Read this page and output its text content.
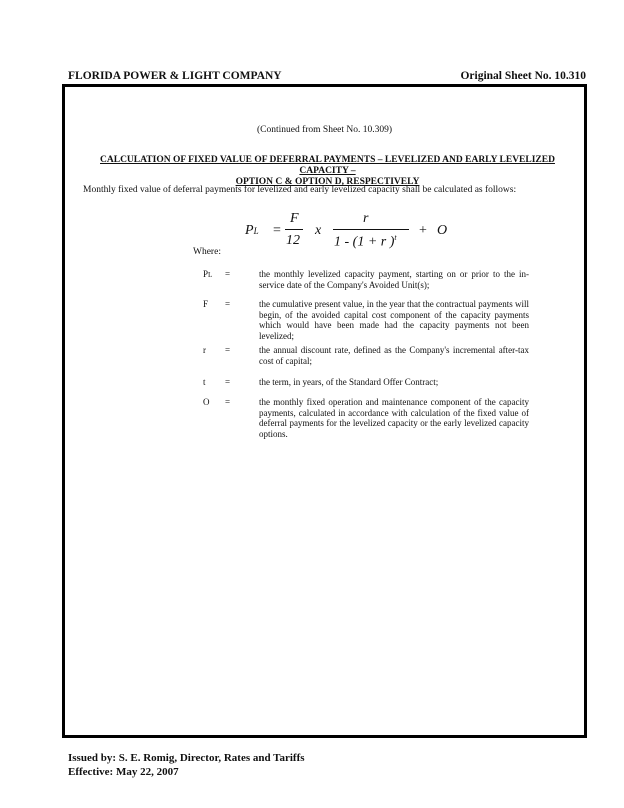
FLORIDA POWER & LIGHT COMPANY	Original Sheet No. 10.310
(Continued from Sheet No. 10.309)
CALCULATION OF FIXED VALUE OF DEFERRAL PAYMENTS – LEVELIZED AND EARLY LEVELIZED CAPACITY –
OPTION C & OPTION D, RESPECTIVELY
Monthly fixed value of deferral payments for levelized and early levelized capacity shall be calculated as follows:
PL =
F
12
x
r
1 - (1 + r )$^t$ + O
Where:
PL	=	the monthly levelized capacity payment, starting on or prior to the in-service date of the Company's Avoided Unit(s);
F	=	the cumulative present value, in the year that the contractual payments will begin, of the avoided capital cost component of the capacity payments which would have been made had the capacity payments not been levelized;
r	=	the annual discount rate, defined as the Company's incremental after-tax cost of capital;
t	=	the term, in years, of the Standard Offer Contract;
O	=	the monthly fixed operation and maintenance component of the capacity payments, calculated in accordance with calculation of the fixed value of deferral payments for the levelized capacity or the early levelized capacity options.
Issued by: S. E. Romig, Director, Rates and Tariffs
Effective: May 22, 2007
